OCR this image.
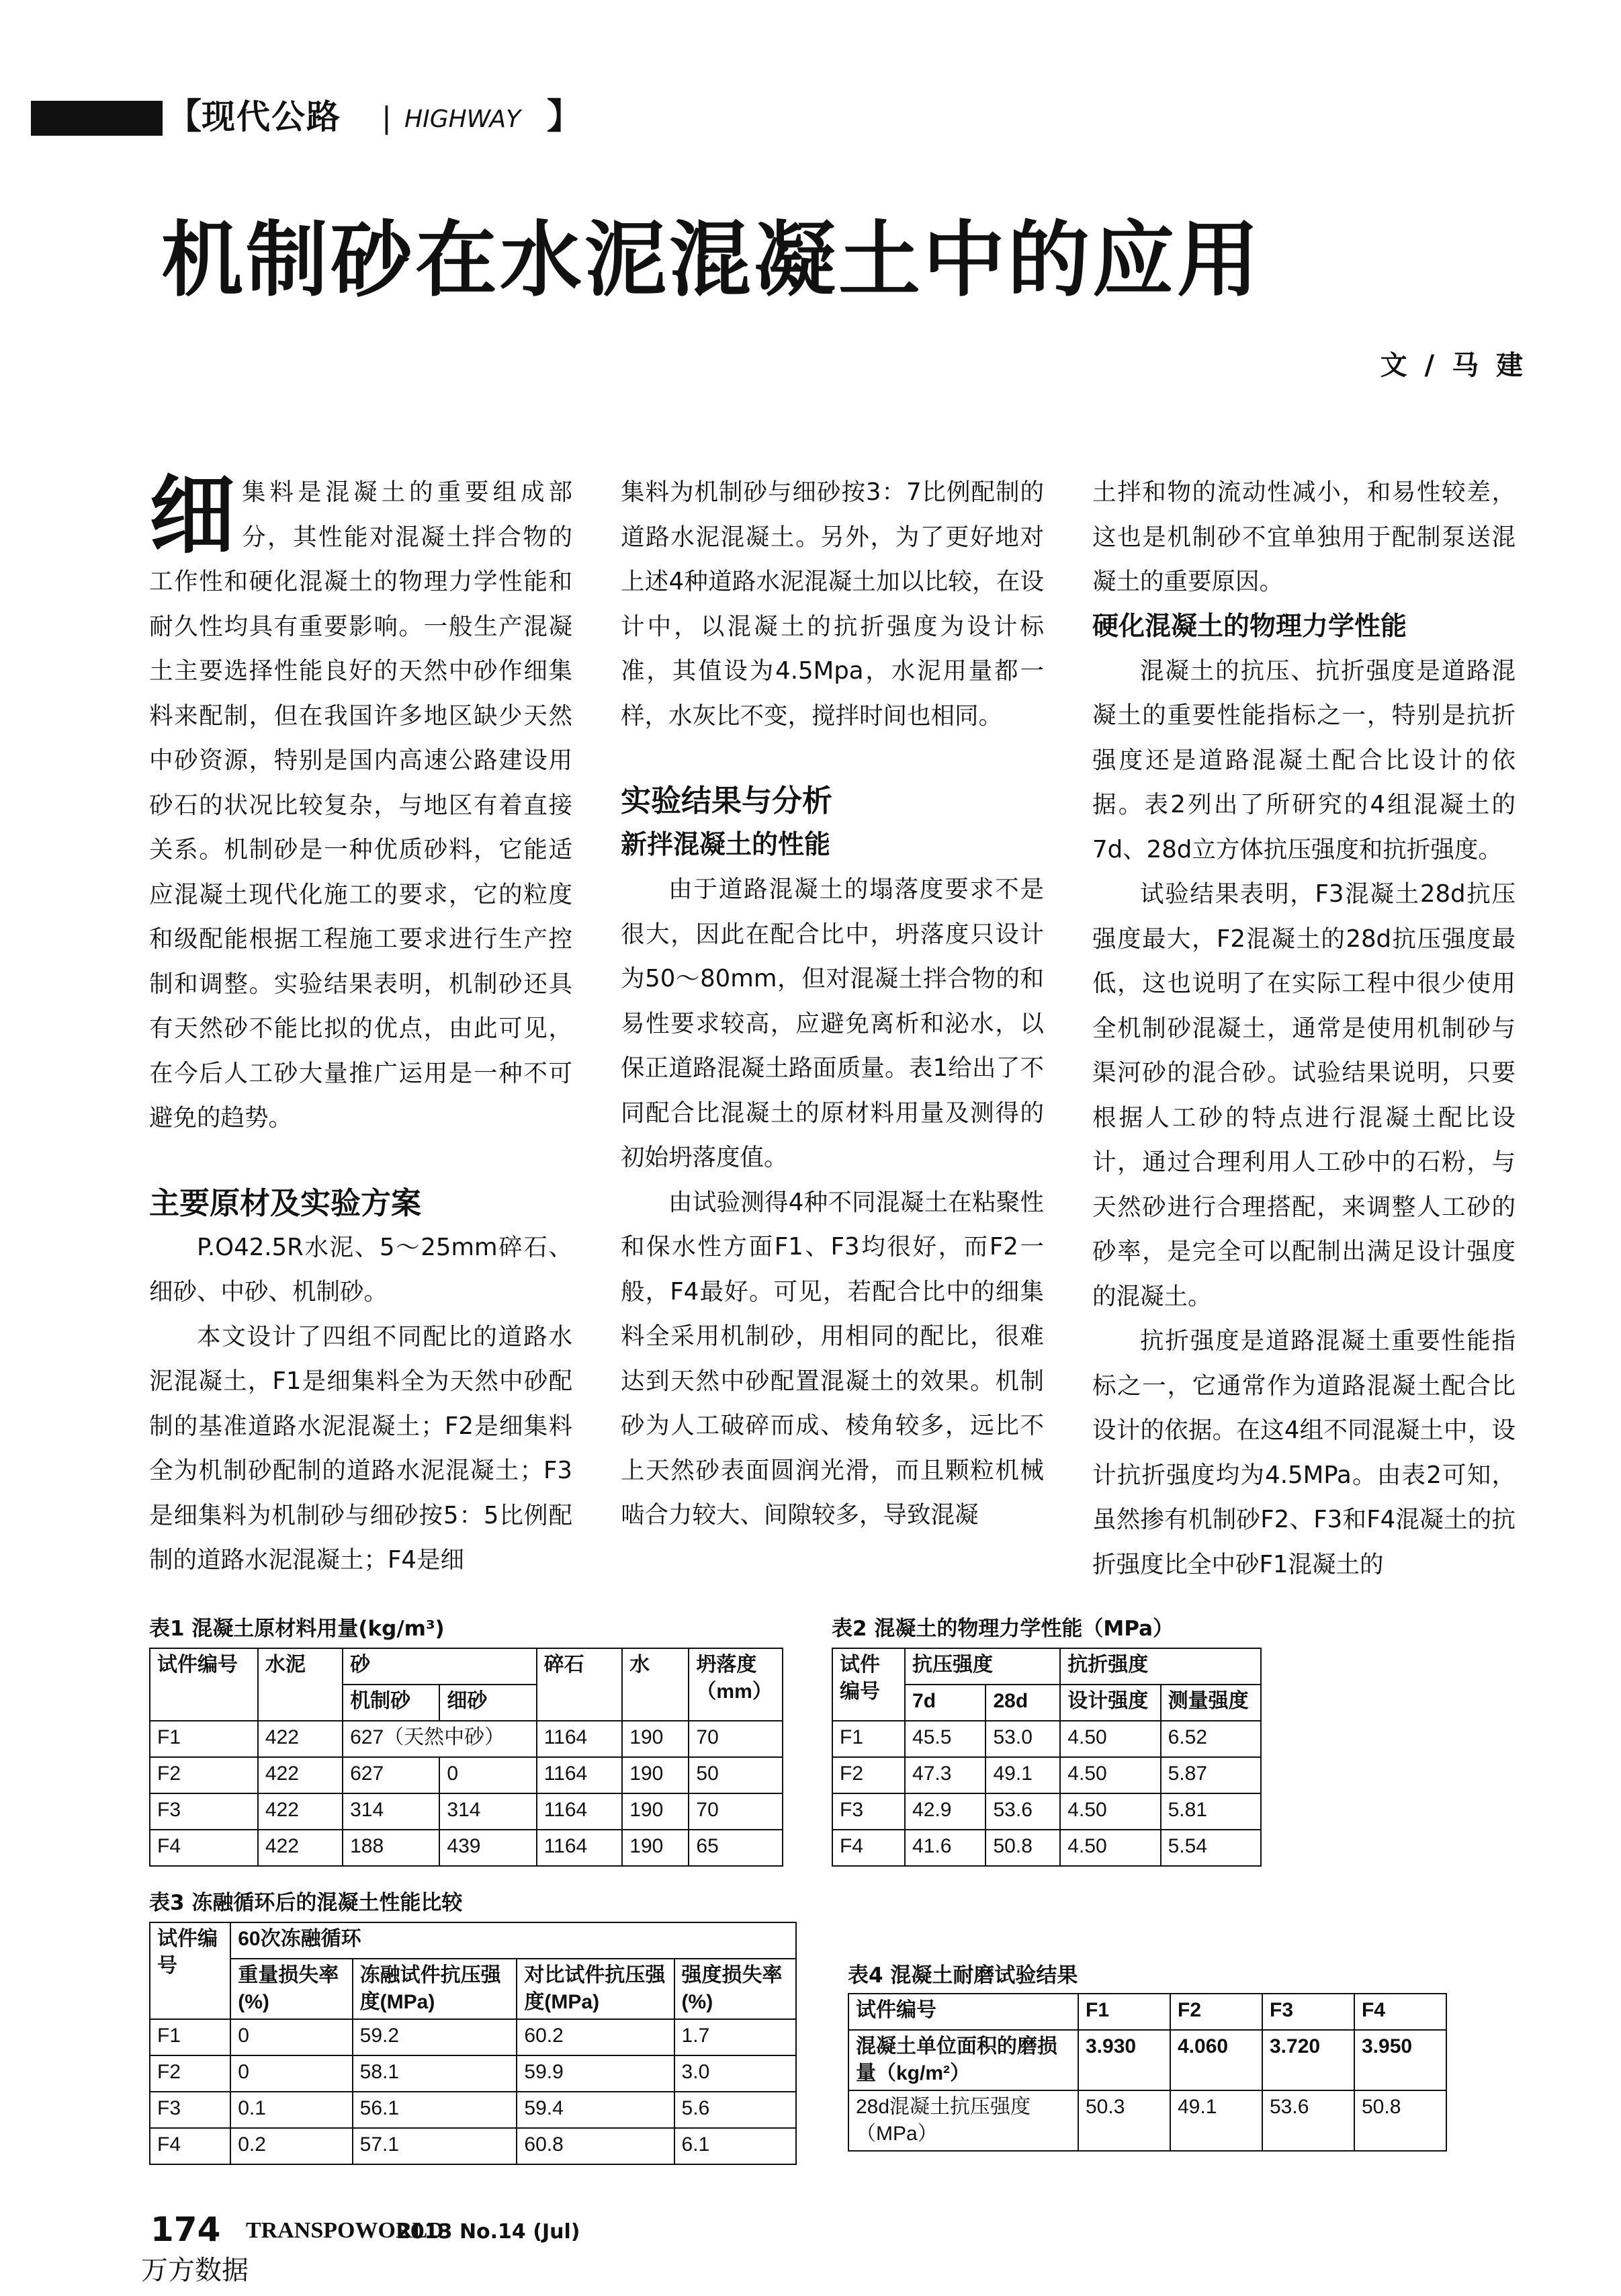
【 现代公路 | HIGHWAY 】
机制砂在水泥混凝土中的应用
文 / 马 建

细集料是混凝土的重要组成部分，其性能对混凝土拌合物的工作性和硬化混凝土的物理力学性能和耐久性均具有重要影响。一般生产混凝土主要选择性能良好的天然中砂作细集料来配制，但在我国许多地区缺少天然中砂资源，特别是国内高速公路建设用砂石的状况比较复杂，与地区有着直接关系。机制砂是一种优质砂料，它能适应混凝土现代化施工的要求，它的粒度和级配能根据工程施工要求进行生产控制和调整。实验结果表明，机制砂还具有天然砂不能比拟的优点，由此可见，在今后人工砂大量推广运用是一种不可避免的趋势。

主要原材及实验方案

P.O42.5R水泥、5～25mm碎石、细砂、中砂、机制砂。

本文设计了四组不同配比的道路水泥混凝土，F1是细集料全为天然中砂配制的基准道路水泥混凝土；F2是细集料全为机制砂配制的道路水泥混凝土；F3是细集料为机制砂与细砂按5：5比例配制的道路水泥混凝土；F4是细

集料为机制砂与细砂按3：7比例配制的道路水泥混凝土。另外，为了更好地对上述4种道路水泥混凝土加以比较，在设计中，以混凝土的抗折强度为设计标准，其值设为4.5Mpa，水泥用量都一样，水灰比不变，搅拌时间也相同。

实验结果与分析
新拌混凝土的性能

由于道路混凝土的塌落度要求不是很大，因此在配合比中，坍落度只设计为50～80mm，但对混凝土拌合物的和易性要求较高，应避免离析和泌水，以保正道路混凝土路面质量。表1给出了不同配合比混凝土的原材料用量及测得的初始坍落度值。

由试验测得4种不同混凝土在粘聚性和保水性方面F1、F3均很好，而F2一般，F4最好。可见，若配合比中的细集料全采用机制砂，用相同的配比，很难达到天然中砂配置混凝土的效果。机制砂为人工破碎而成、棱角较多，远比不上天然砂表面圆润光滑，而且颗粒机械啮合力较大、间隙较多，导致混凝

土拌和物的流动性减小，和易性较差，这也是机制砂不宜单独用于配制泵送混凝土的重要原因。

硬化混凝土的物理力学性能

混凝土的抗压、抗折强度是道路混凝土的重要性能指标之一，特别是抗折强度还是道路混凝土配合比设计的依据。表2列出了所研究的4组混凝土的7d、28d立方体抗压强度和抗折强度。

试验结果表明，F3混凝土28d抗压强度最大，F2混凝土的28d抗压强度最低，这也说明了在实际工程中很少使用全机制砂混凝土，通常是使用机制砂与渠河砂的混合砂。试验结果说明，只要根据人工砂的特点进行混凝土配比设计，通过合理利用人工砂中的石粉，与天然砂进行合理搭配，来调整人工砂的砂率，是完全可以配制出满足设计强度的混凝土。

抗折强度是道路混凝土重要性能指标之一，它通常作为道路混凝土配合比设计的依据。在这4组不同混凝土中，设计抗折强度均为4.5MPa。由表2可知，虽然掺有机制砂F2、F3和F4混凝土的抗折强度比全中砂F1混凝土的

表1 混凝土原材料用量(kg/m³)
试件编号	水泥	砂		碎石	水	坍落度（mm）
		机制砂	细砂			
F1	422	627（天然中砂）		1164	190	70
F2	422	627	0	1164	190	50
F3	422	314	314	1164	190	70
F4	422	188	439	1164	190	65
表2 混凝土的物理力学性能（MPa）
试件编号	抗压强度		抗折强度	
	7d	28d	设计强度	测量强度
F1	45.5	53.0	4.50	6.52
F2	47.3	49.1	4.50	5.87
F3	42.9	53.6	4.50	5.81
F4	41.6	50.8	4.50	5.54
表3 冻融循环后的混凝土性能比较
试件编号	60次冻融循环			
	重量损失率(%)	冻融试件抗压强度(MPa)	对比试件抗压强度(MPa)	强度损失率(%)
F1	0	59.2	60.2	1.7
F2	0	58.1	59.9	3.0
F3	0.1	56.1	59.4	5.6
F4	0.2	57.1	60.8	6.1
表4 混凝土耐磨试验结果
试件编号	F1	F2	F3	F4
混凝土单位面积的磨损量（kg/m²）	3.930	4.060	3.720	3.950
28d混凝土抗压强度（MPa）	50.3	49.1	53.6	50.8
174 TRANSPOWORLD
2013 No.14 (Jul)
万方数据
